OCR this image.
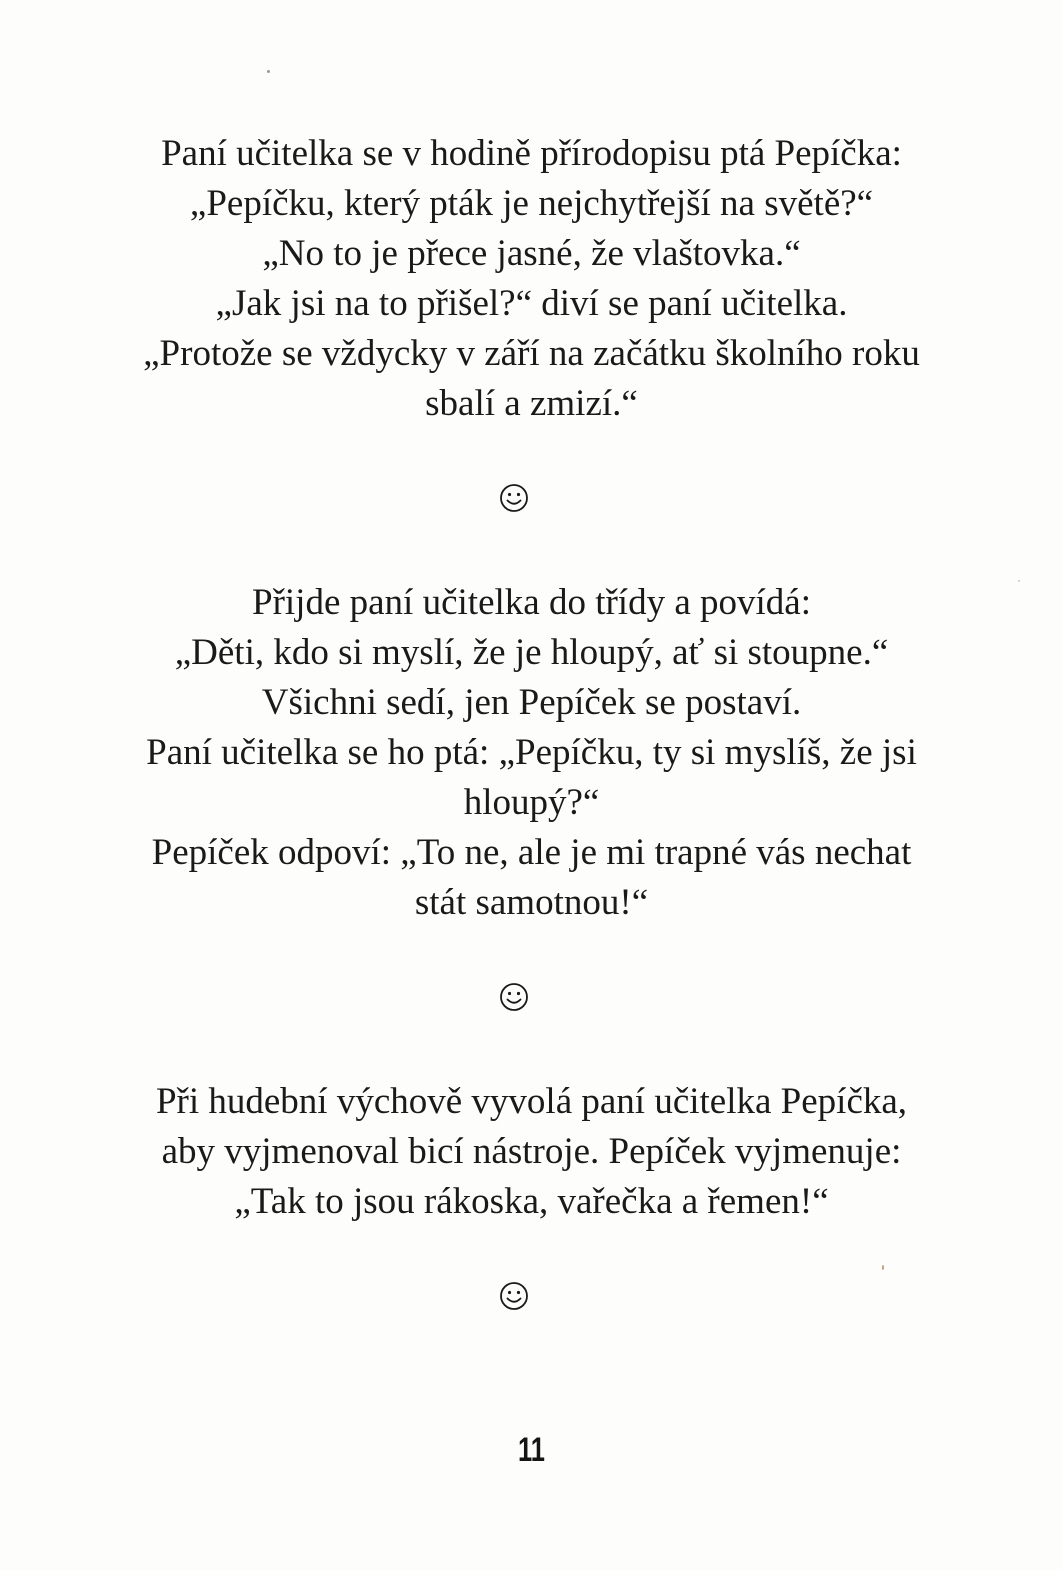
Paní učitelka se v hodině přírodopisu ptá Pepíčka:
„Pepíčku, který pták je nejchytřejší na světě?“
„No to je přece jasné, že vlaštovka.“
„Jak jsi na to přišel?“ diví se paní učitelka.
„Protože se vždycky v září na začátku školního roku
sbalí a zmizí.“
Přijde paní učitelka do třídy a povídá:
„Děti, kdo si myslí, že je hloupý, ať si stoupne.“
Všichni sedí, jen Pepíček se postaví.
Paní učitelka se ho ptá: „Pepíčku, ty si myslíš, že jsi
hloupý?“
Pepíček odpoví: „To ne, ale je mi trapné vás nechat
stát samotnou!“
Při hudební výchově vyvolá paní učitelka Pepíčka,
aby vyjmenoval bicí nástroje. Pepíček vyjmenuje:
„Tak to jsou rákoska, vařečka a řemen!“
11
